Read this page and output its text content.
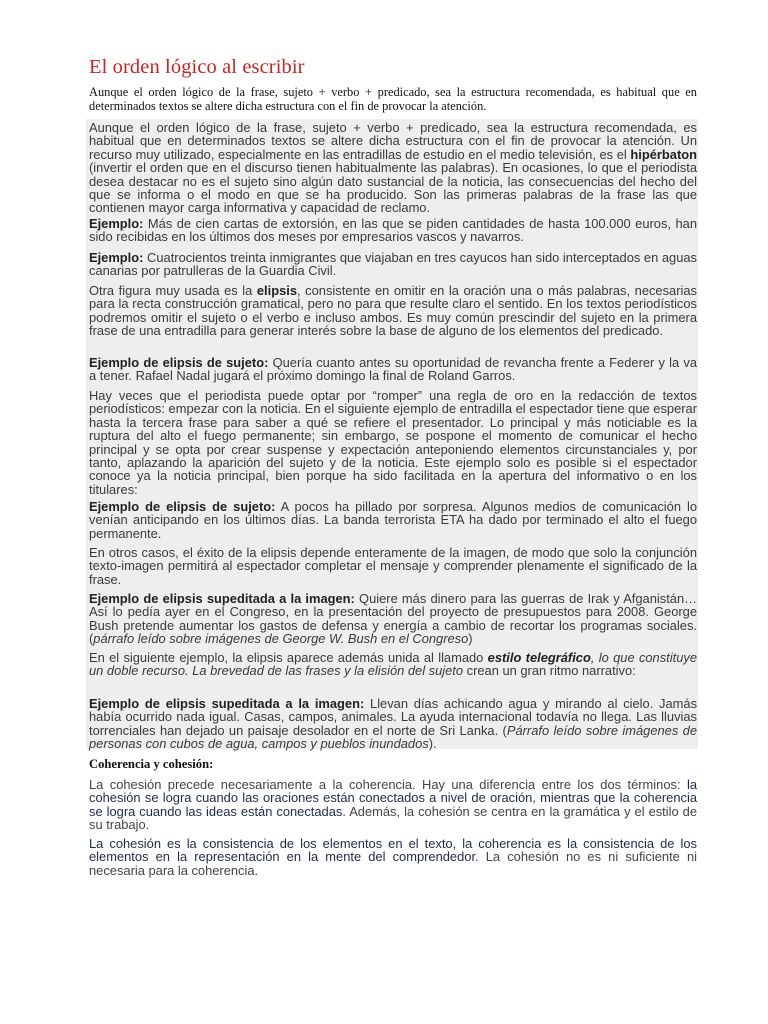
El orden lógico al escribir

Aunque el orden lógico de la frase, sujeto + verbo + predicado, sea la estructura recomendada, es habitual que en determinados textos se altere dicha estructura con el fin de provocar la atención.

Aunque el orden lógico de la frase, sujeto + verbo + predicado, sea la estructura recomendada, es habitual que en determinados textos se altere dicha estructura con el fin de provocar la atención. Un recurso muy utilizado, especialmente en las entradillas de estudio en el medio televisión, es el hipérbaton (invertir el orden que en el discurso tienen habitualmente las palabras). En ocasiones, lo que el periodista desea destacar no es el sujeto sino algún dato sustancial de la noticia, las consecuencias del hecho del que se informa o el modo en que se ha producido. Son las primeras palabras de la frase las que contienen mayor carga informativa y capacidad de reclamo.

Ejemplo: Más de cien cartas de extorsión, en las que se piden cantidades de hasta 100.000 euros, han sido recibidas en los últimos dos meses por empresarios vascos y navarros.

Ejemplo: Cuatrocientos treinta inmigrantes que viajaban en tres cayucos han sido interceptados en aguas canarias por patrulleras de la Guardia Civil.

Otra figura muy usada es la elipsis, consistente en omitir en la oración una o más palabras, necesarias para la recta construcción gramatical, pero no para que resulte claro el sentido. En los textos periodísticos podremos omitir el sujeto o el verbo e incluso ambos. Es muy común prescindir del sujeto en la primera frase de una entradilla para generar interés sobre la base de alguno de los elementos del predicado.

Ejemplo de elipsis de sujeto: Quería cuanto antes su oportunidad de revancha frente a Federer y la va a tener. Rafael Nadal jugará el próximo domingo la final de Roland Garros.

Hay veces que el periodista puede optar por “romper” una regla de oro en la redacción de textos periodísticos: empezar con la noticia. En el siguiente ejemplo de entradilla el espectador tiene que esperar hasta la tercera frase para saber a qué se refiere el presentador. Lo principal y más noticiable es la ruptura del alto el fuego permanente; sin embargo, se pospone el momento de comunicar el hecho principal y se opta por crear suspense y expectación anteponiendo elementos circunstanciales y, por tanto, aplazando la aparición del sujeto y de la noticia. Este ejemplo solo es posible si el espectador conoce ya la noticia principal, bien porque ha sido facilitada en la apertura del informativo o en los titulares:

Ejemplo de elipsis de sujeto: A pocos ha pillado por sorpresa. Algunos medios de comunicación lo venían anticipando en los últimos días. La banda terrorista ETA ha dado por terminado el alto el fuego permanente.

En otros casos, el éxito de la elipsis depende enteramente de la imagen, de modo que solo la conjunción texto-imagen permitirá al espectador completar el mensaje y comprender plenamente el significado de la frase.

Ejemplo de elipsis supeditada a la imagen: Quiere más dinero para las guerras de Irak y Afganistán… Así lo pedía ayer en el Congreso, en la presentación del proyecto de presupuestos para 2008. George Bush pretende aumentar los gastos de defensa y energía a cambio de recortar los programas sociales. (párrafo leído sobre imágenes de George W. Bush en el Congreso)

En el siguiente ejemplo, la elipsis aparece además unida al llamado estilo telegráfico, lo que constituye un doble recurso. La brevedad de las frases y la elisión del sujeto crean un gran ritmo narrativo:

Ejemplo de elipsis supeditada a la imagen: Llevan días achicando agua y mirando al cielo. Jamás había ocurrido nada igual. Casas, campos, animales. La ayuda internacional todavía no llega. Las lluvias torrenciales han dejado un paisaje desolador en el norte de Sri Lanka. (Párrafo leído sobre imágenes de personas con cubos de agua, campos y pueblos inundados).

Coherencia y cohesión:

La cohesión precede necesariamente a la coherencia. Hay una diferencia entre los dos términos: la cohesión se logra cuando las oraciones están conectados a nivel de oración, mientras que la coherencia se logra cuando las ideas están conectadas. Además, la cohesión se centra en la gramática y el estilo de su trabajo.

La cohesión es la consistencia de los elementos en el texto, la coherencia es la consistencia de los elementos en la representación en la mente del comprendedor. La cohesión no es ni suficiente ni necesaria para la coherencia.
